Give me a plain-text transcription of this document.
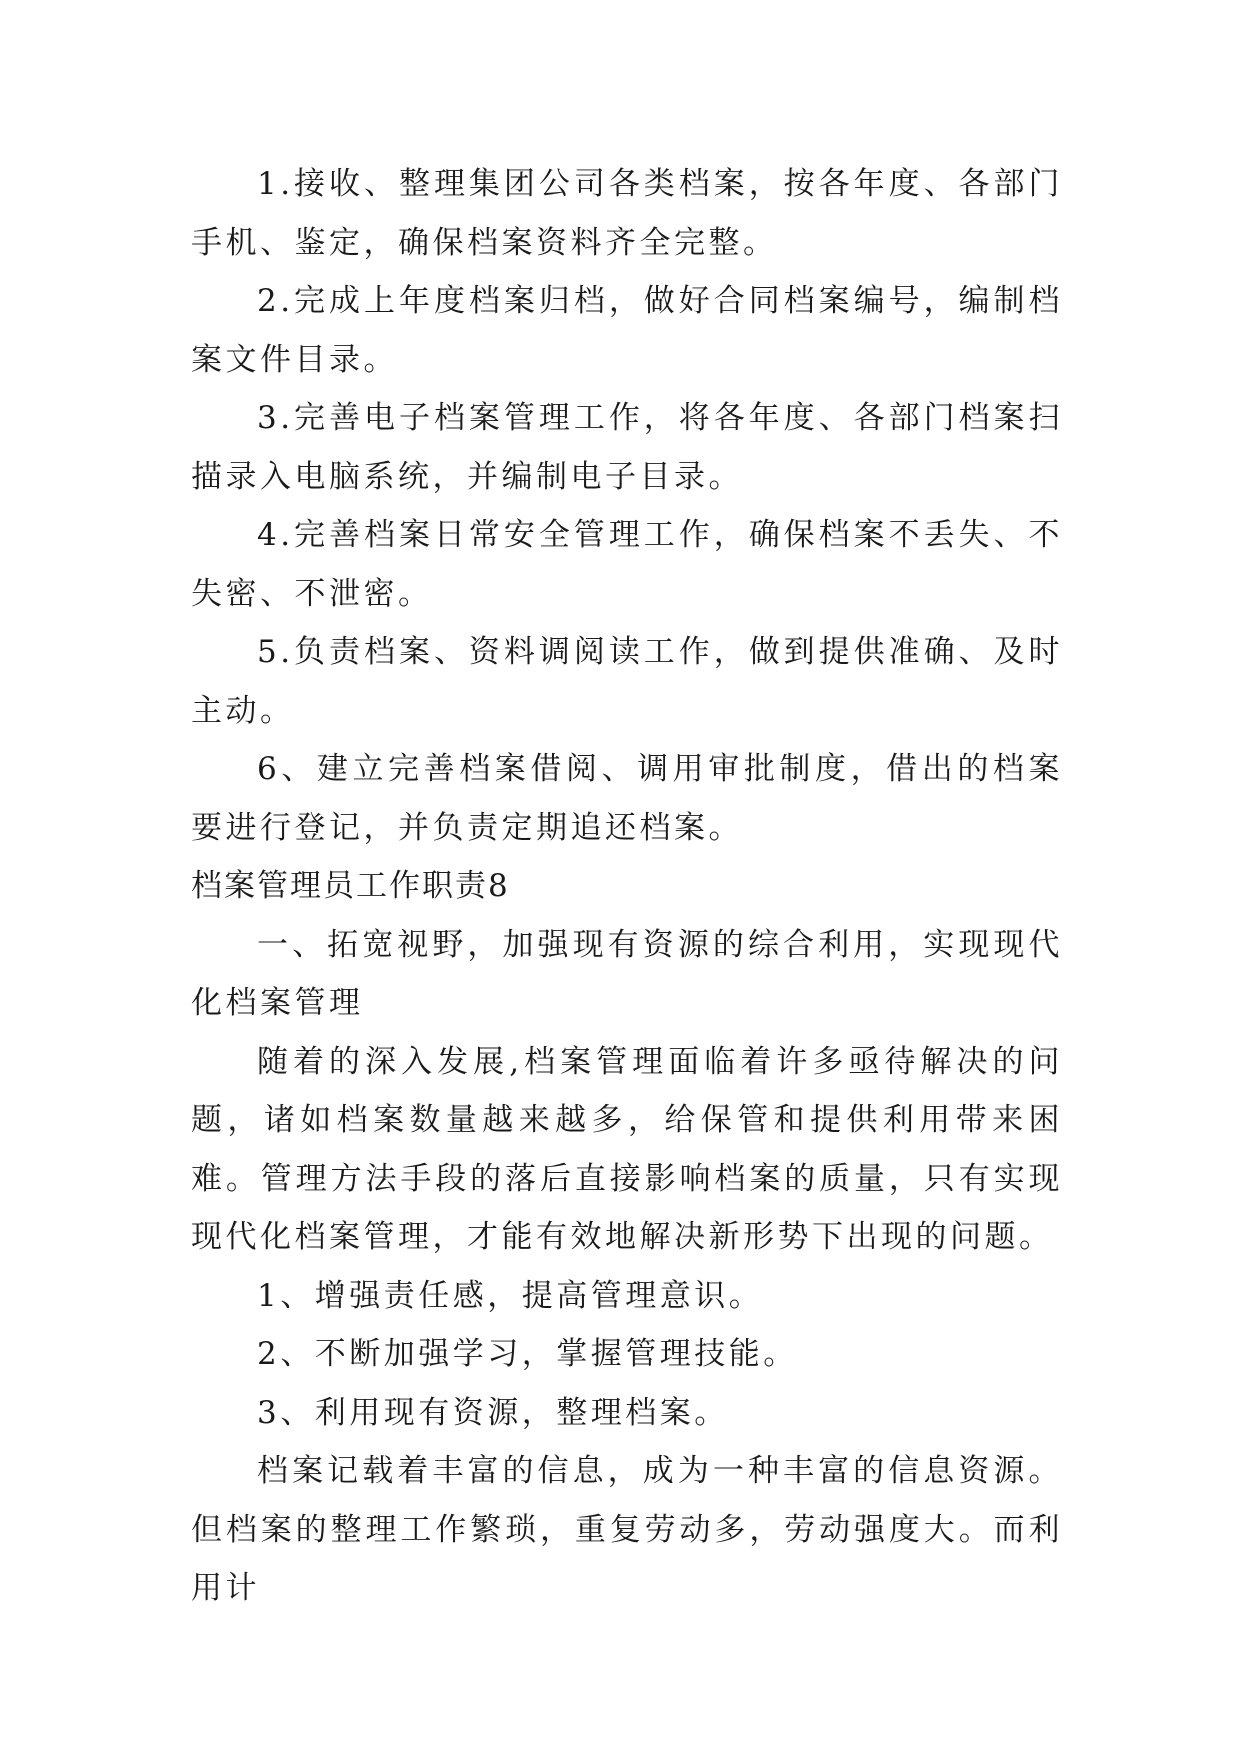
1.接收、整理集团公司各类档案，按各年度、各部门手机、鉴定，确保档案资料齐全完整。

2.完成上年度档案归档，做好合同档案编号，编制档案文件目录。

3.完善电子档案管理工作，将各年度、各部门档案扫描录入电脑系统，并编制电子目录。

4.完善档案日常安全管理工作，确保档案不丢失、不失密、不泄密。

5.负责档案、资料调阅读工作，做到提供准确、及时主动。

6、建立完善档案借阅、调用审批制度，借出的档案要进行登记，并负责定期追还档案。

档案管理员工作职责8

一、拓宽视野，加强现有资源的综合利用，实现现代化档案管理

随着的深入发展,档案管理面临着许多亟待解决的问题，诸如档案数量越来越多，给保管和提供利用带来困难。管理方法手段的落后直接影响档案的质量，只有实现现代化档案管理，才能有效地解决新形势下出现的问题。

1、增强责任感，提高管理意识。

2、不断加强学习，掌握管理技能。

3、利用现有资源，整理档案。

档案记载着丰富的信息，成为一种丰富的信息资源。但档案的整理工作繁琐，重复劳动多，劳动强度大。而利用计
